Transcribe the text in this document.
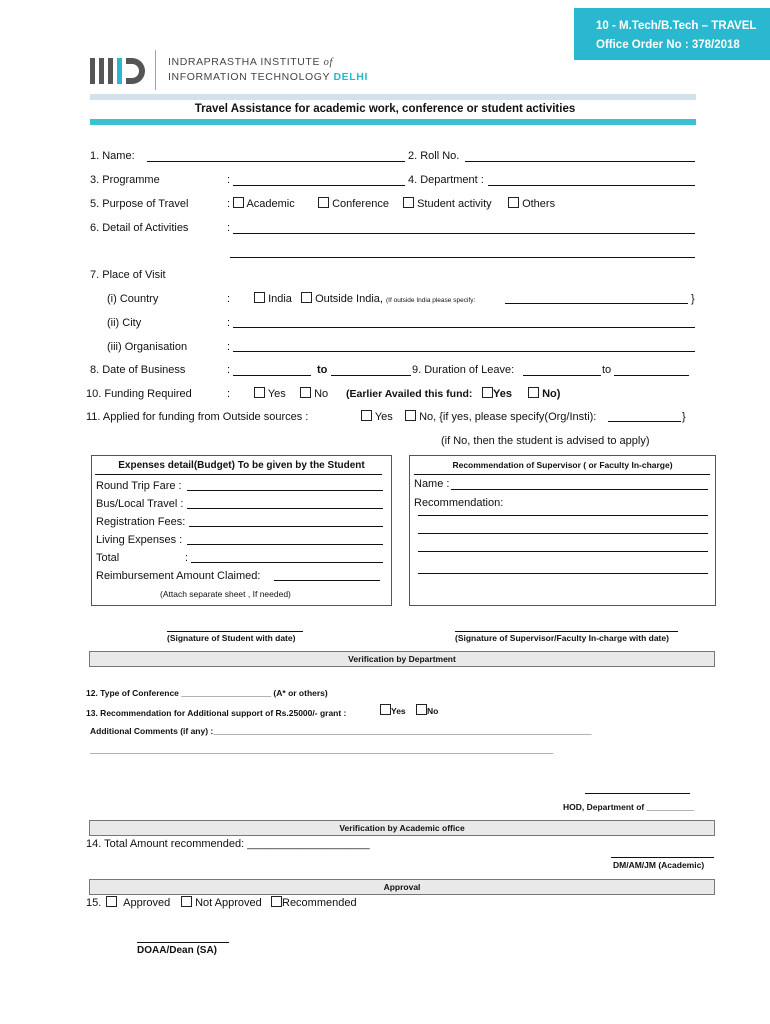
10 - M.Tech/B.Tech – TRAVEL
Office Order No : 378/2018
INDRAPRASTHA INSTITUTE of
INFORMATION TECHNOLOGY DELHI
Travel Assistance for academic work, conference or student activities
1. Name:	2. Roll No.
3. Programme	:	4. Department :
5. Purpose of Travel	:	Academic	Conference	Student activity	Others
6. Detail of Activities	:
7. Place of Visit
(i) Country	:	India	Outside India, (If outside India please specify:	}
(ii) City	:
(iii) Organisation	:
8. Date of Business	:	to	9. Duration of Leave:	to
10. Funding Required	:	Yes	No (Earlier Availed this fund:	Yes	No)
11. Applied for funding from Outside sources :	Yes	No, {if yes, please specify(Org/Insti):	}
(if No, then the student is advised to apply)
Expenses detail(Budget) To be given by the Student
Round Trip Fare :
Bus/Local Travel :
Registration Fees:
Living Expenses :
Total	:
Reimbursement Amount Claimed:
(Attach separate sheet , If needed)
Recommendation of Supervisor ( or Faculty In-charge)
Name :
Recommendation:
(Signature of Student with date)	(Signature of Supervisor/Faculty In-charge with date)
Verification by Department
12. Type of Conference ___________________ (A* or others)
13. Recommendation for Additional support of Rs.25000/- grant :	Yes	No
Additional Comments (if any) :________________________________________________________________________________
__________________________________________________________________________________________________
HOD, Department of __________
Verification by Academic office
14. Total Amount recommended: ____________________
DM/AM/JM (Academic)
Approval
15.	Approved	Not Approved	Recommended
DOAA/Dean (SA)
